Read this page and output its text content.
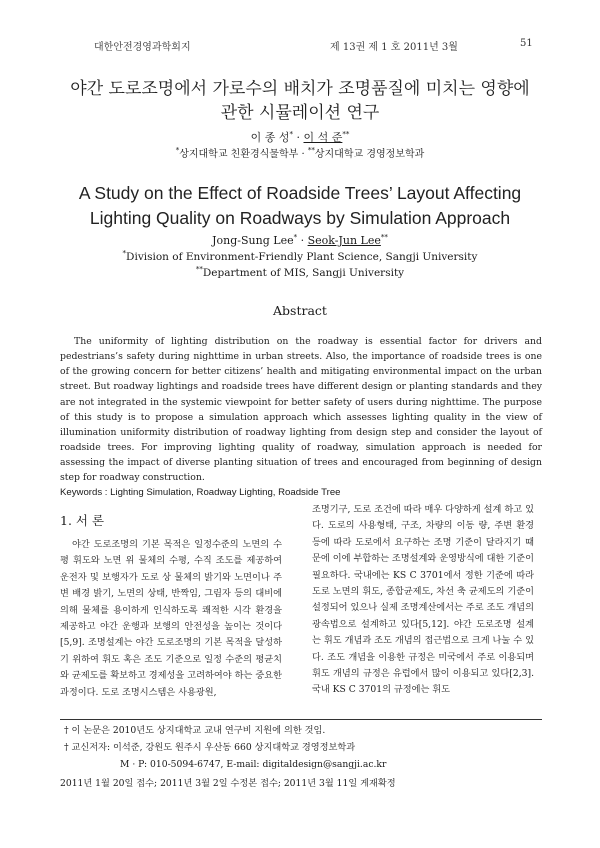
대한안전경영과학회지	제 13권 제 1 호 2011년 3월	51
야간 도로조명에서 가로수의 배치가 조명품질에 미치는 영향에
관한 시뮬레이션 연구
이 종 성* · 이 석 준**
*상지대학교 친환경식물학부 · **상지대학교 경영정보학과
A Study on the Effect of Roadside Trees’ Layout Affecting
Lighting Quality on Roadways by Simulation Approach
Jong-Sung Lee* · Seok-Jun Lee**
*Division of Environment-Friendly Plant Science, Sangji University
**Department of MIS, Sangji University
Abstract

The uniformity of lighting distribution on the roadway is essential factor for drivers and pedestrians’s safety during nighttime in urban streets. Also, the importance of roadside trees is one of the growing concern for better citizens’ health and mitigating environmental impact on the urban street. But roadway lightings and roadside trees have different design or planting standards and they are not integrated in the systemic viewpoint for better safety of users during nighttime. The purpose of this study is to propose a simulation approach which assesses lighting quality in the view of illumination uniformity distribution of roadway lighting from design step and consider the layout of roadside trees. For improving lighting quality of roadway, simulation approach is needed for assessing the impact of diverse planting situation of trees and encouraged from beginning of design step for roadway construction.

Keywords : Lighting Simulation, Roadway Lighting, Roadside Tree
1. 서 론

야간 도로조명의 기본 목적은 일정수준의 노면의 수평 휘도와 노면 위 물체의 수평, 수직 조도를 제공하여 운전자 및 보행자가 도로 상 물체의 밝기와 노면이나 주변 배경 밝기, 노면의 상태, 반짝임, 그림자 등의 대비에 의해 물체를 용이하게 인식하도록 쾌적한 시각 환경을 제공하고 야간 운행과 보행의 안전성을 높이는 것이다[5,9]. 조명설계는 야간 도로조명의 기본 목적을 달성하기 위하여 휘도 혹은 조도 기준으로 일정 수준의 평균치와 균제도를 확보하고 경제성을 고려하여야 하는 중요한 과정이다. 도로 조명시스템은 사용광원,

조명기구, 도로 조건에 따라 매우 다양하게 설계 하고 있다. 도로의 사용형태, 구조, 차량의 이동 량, 주변 환경 등에 따라 도로에서 요구하는 조명 기준이 달라지기 때문에 이에 부합하는 조명설계와 운영방식에 대한 기준이 필요하다. 국내에는 KS C 3701에서 정한 기준에 따라 도로 노면의 휘도, 종합균제도, 차선 축 균제도의 기준이 설정되어 있으나 실제 조명계산에서는 주로 조도 개념의 광속법으로 설계하고 있다[5,12]. 야간 도로조명 설계는 휘도 개념과 조도 개념의 접근법으로 크게 나눌 수 있다. 조도 개념을 이용한 규정은 미국에서 주로 이용되며 휘도 개념의 규정은 유럽에서 많이 이용되고 있다[2,3]. 국내 KS C 3701의 규정에는 휘도

† 이 논문은 2010년도 상지대학교 교내 연구비 지원에 의한 것임.
† 교신저자: 이석준, 강원도 원주시 우산동 660 상지대학교 경영정보학과
M · P: 010-5094-6747, E-mail: digitaldesign@sangji.ac.kr
2011년 1월 20일 접수; 2011년 3월 2일 수정본 접수; 2011년 3월 11일 게재확정
